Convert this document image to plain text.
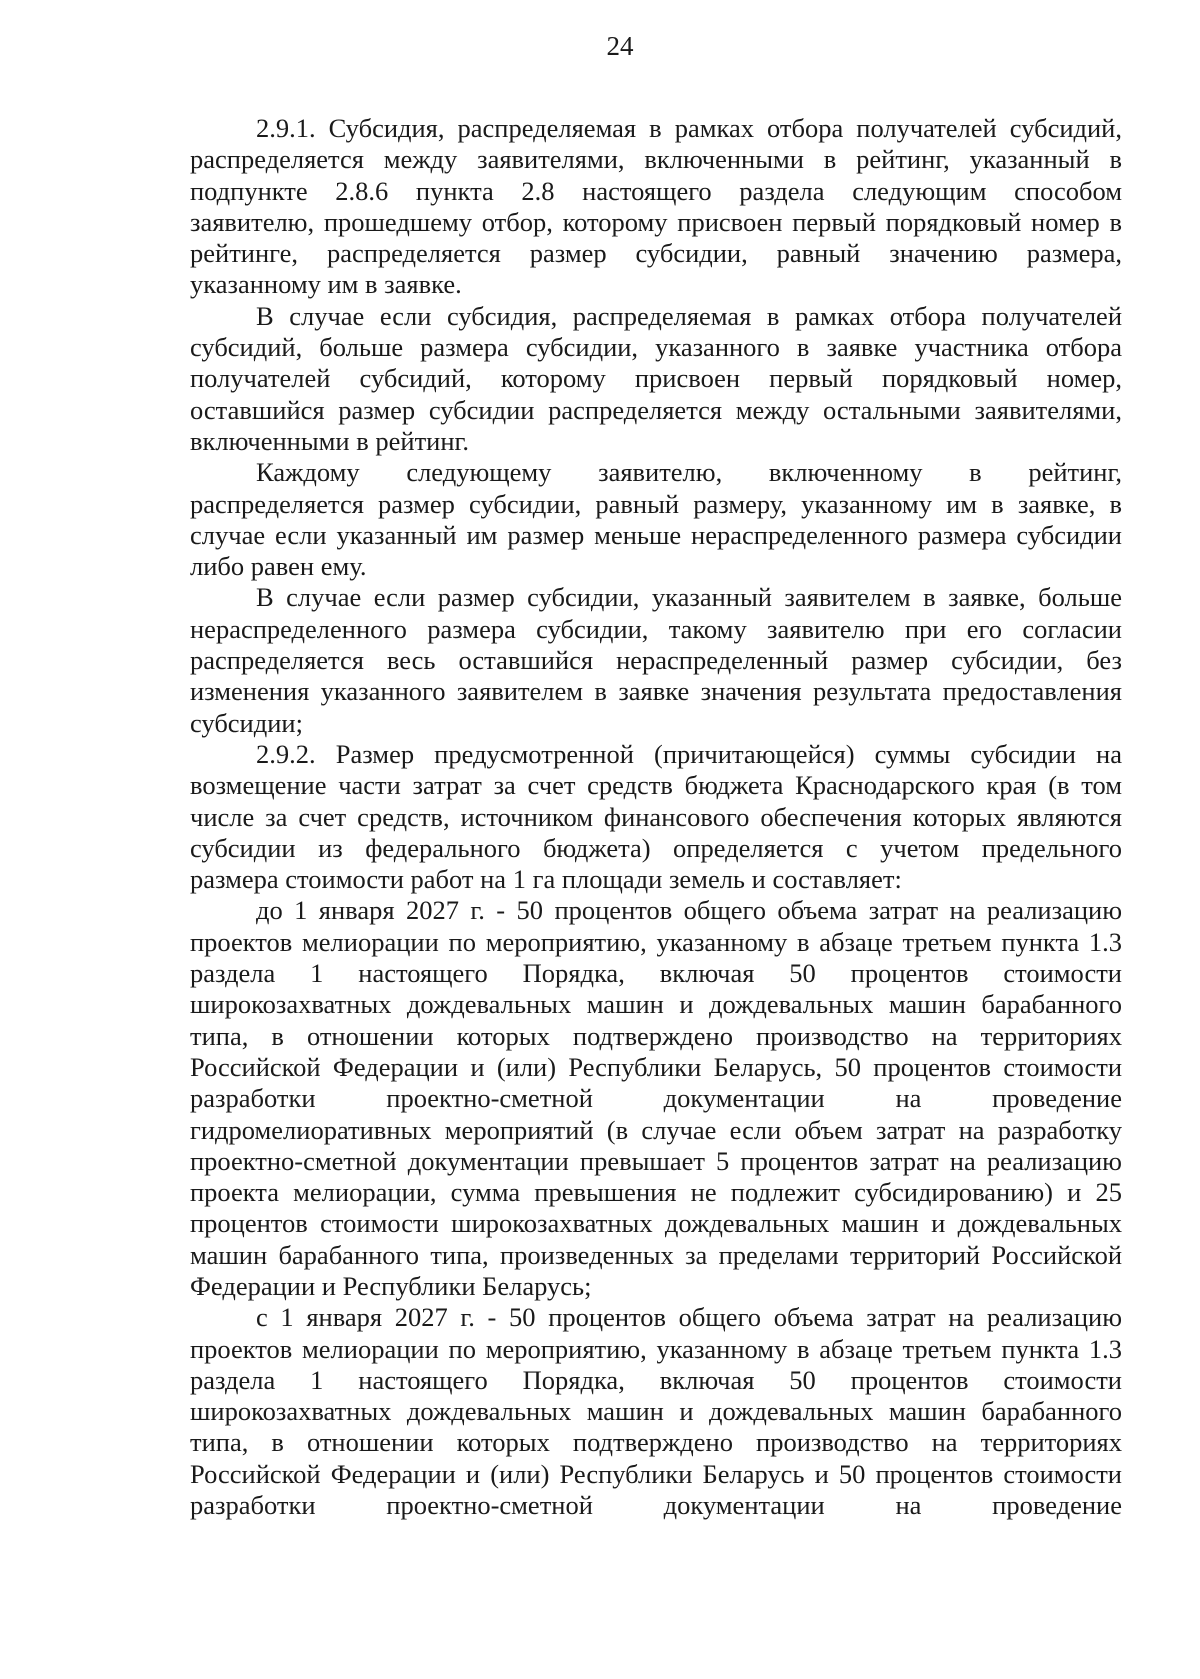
24
2.9.1. Субсидия, распределяемая в рамках отбора получателей субсидий,
распределяется между заявителями, включенными в рейтинг, указанный в
подпункте 2.8.6 пункта 2.8 настоящего раздела следующим способом
заявителю, прошедшему отбор, которому присвоен первый порядковый номер в
рейтинге, распределяется размер субсидии, равный значению размера,
указанному им в заявке.
В случае если субсидия, распределяемая в рамках отбора получателей
субсидий, больше размера субсидии, указанного в заявке участника отбора
получателей субсидий, которому присвоен первый порядковый номер,
оставшийся размер субсидии распределяется между остальными заявителями,
включенными в рейтинг.
Каждому следующему заявителю, включенному в рейтинг,
распределяется размер субсидии, равный размеру, указанному им в заявке, в
случае если указанный им размер меньше нераспределенного размера субсидии
либо равен ему.
В случае если размер субсидии, указанный заявителем в заявке, больше
нераспределенного размера субсидии, такому заявителю при его согласии
распределяется весь оставшийся нераспределенный размер субсидии, без
изменения указанного заявителем в заявке значения результата предоставления
субсидии;
2.9.2. Размер предусмотренной (причитающейся) суммы субсидии на
возмещение части затрат за счет средств бюджета Краснодарского края (в том
числе за счет средств, источником финансового обеспечения которых являются
субсидии из федерального бюджета) определяется с учетом предельного
размера стоимости работ на 1 га площади земель и составляет:
до 1 января 2027 г. - 50 процентов общего объема затрат на реализацию
проектов мелиорации по мероприятию, указанному в абзаце третьем пункта 1.3
раздела 1 настоящего Порядка, включая 50 процентов стоимости
широкозахватных дождевальных машин и дождевальных машин барабанного
типа, в отношении которых подтверждено производство на территориях
Российской Федерации и (или) Республики Беларусь, 50 процентов стоимости
разработки проектно-сметной документации на проведение
гидромелиоративных мероприятий (в случае если объем затрат на разработку
проектно-сметной документации превышает 5 процентов затрат на реализацию
проекта мелиорации, сумма превышения не подлежит субсидированию) и 25
процентов стоимости широкозахватных дождевальных машин и дождевальных
машин барабанного типа, произведенных за пределами территорий Российской
Федерации и Республики Беларусь;
с 1 января 2027 г. - 50 процентов общего объема затрат на реализацию
проектов мелиорации по мероприятию, указанному в абзаце третьем пункта 1.3
раздела 1 настоящего Порядка, включая 50 процентов стоимости
широкозахватных дождевальных машин и дождевальных машин барабанного
типа, в отношении которых подтверждено производство на территориях
Российской Федерации и (или) Республики Беларусь и 50 процентов стоимости
разработки проектно-сметной документации на проведение
